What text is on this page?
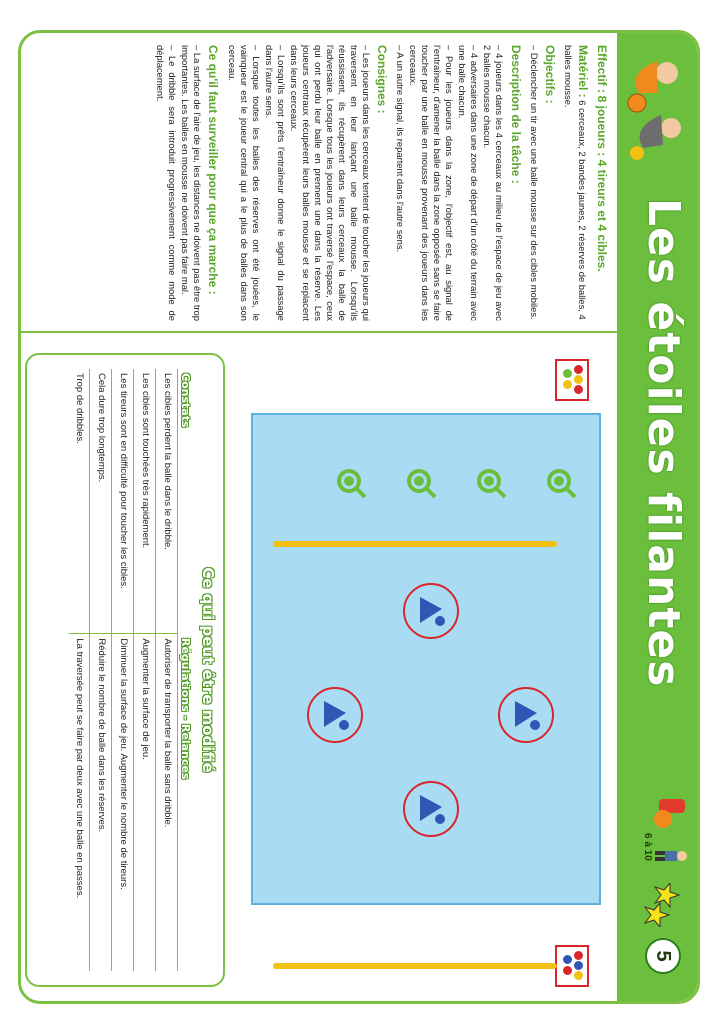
Les étoiles filantes
6 à 10
5

Effectif : 8 joueurs : 4 tireurs et 4 cibles.

Matériel : 6 cerceaux, 2 bandes jaunes, 2 réserves de balles, 4 balles mousse.

Objectifs :
– Déclencher un tir avec une balle mousse sur des cibles mobiles.
Description de la tâche :
– 4 joueurs dans les 4 cerceaux au milieu de l'espace de jeu avec 2 balles mousse chacun.
– 4 adversaires dans une zone de départ d'un côté du terrain avec une balle chacun.
– Pour les joueurs dans la zone, l'objectif est, au signal de l'entraîneur, d'amener la balle dans la zone opposée sans se faire toucher par une balle en mousse provenant des joueurs dans les cerceaux.
– A un autre signal, ils repartent dans l'autre sens.
Consignes :
– Les joueurs dans les cerceaux tentent de toucher les joueurs qui traversent en leur lançant une balle mousse. Lorsqu'ils réussissent, ils récupèrent dans leurs cerceaux la balle de l'adversaire. Lorsque tous les joueurs ont traversé l'espace, ceux qui ont perdu leur balle en prennent une dans la réserve. Les joueurs centraux récupèrent leurs balles mousse et se replacent dans leurs cerceaux.
– Lorsqu'ils sont prêts l'entraîneur donne le signal du passage dans l'autre sens.
– Lorsque toutes les balles des réserves ont été jouées, le vainqueur est le joueur central qui a le plus de balles dans son cerceau.
Ce qu'il faut surveiller pour que ça marche :
– La surface de l'aire de jeu, les distances ne doivent pas être trop importantes. Les balles en mousse ne doivent pas faire mal.
– Le dribble sera introduit progressivement comme mode de déplacement.
Ce qui peut être modifié
Constats	Régulations - Relances
Les cibles perdent la balle dans le dribble.	Autoriser de transporter la balle sans dribble.
Les cibles sont touchées très rapidement.	Augmenter la surface de jeu.
Les tireurs sont en difficulté pour toucher les cibles.	Diminuer la surface de jeu. Augmenter le nombre de tireurs.
Cela dure trop longtemps.	Réduire le nombre de balle dans les réserves.
Trop de dribbles.	La traversée peut se faire par deux avec une balle en passes.
